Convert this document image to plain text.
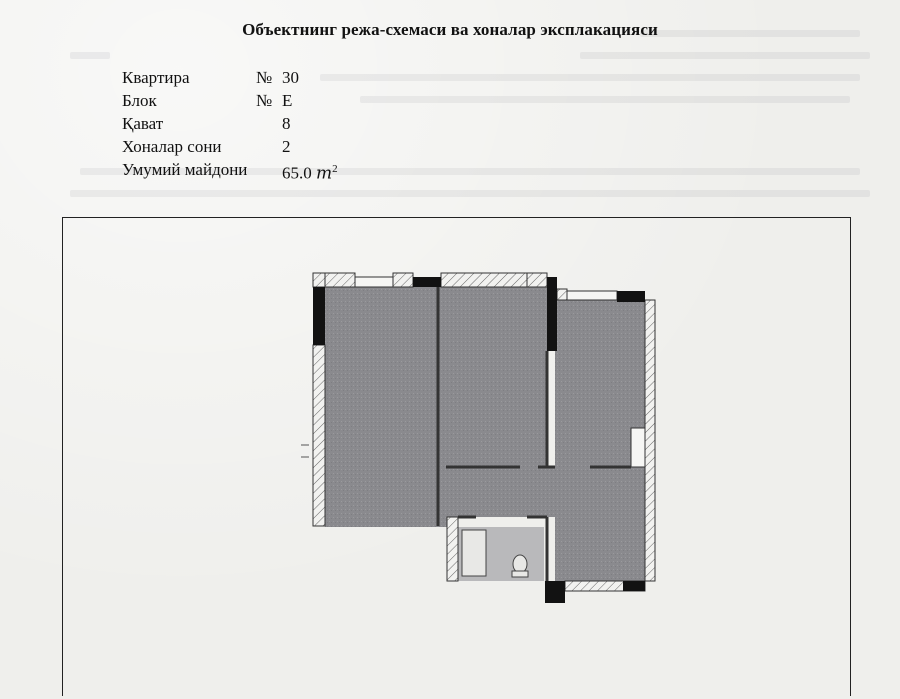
Объектнинг режа-схемаси ва хоналар эксплакацияси
Квартира	№ 30
Блок	№ E
Қават	8
Хоналар сони	2
Умумий майдони 65.0 $m^2$
